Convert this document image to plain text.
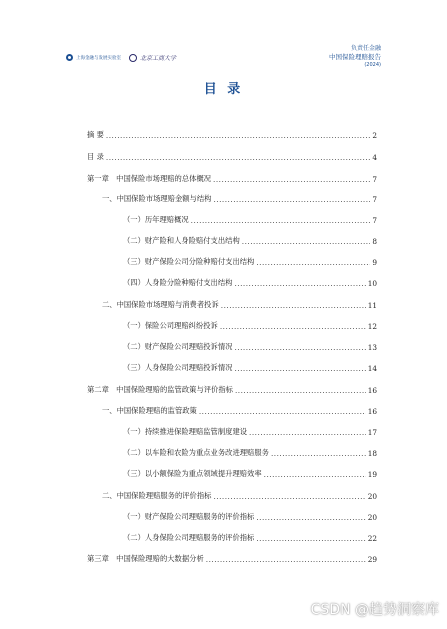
上海金融与发展实验室	北京工商大学
负责任金融
中国保险理赔报告
(2024)
目 录
摘 要 .....	2
目 录 .....	4
第一章　中国保险市场理赔的总体概况 .....	7
一、中国保险市场理赔金额与结构 .....	7
（一）历年理赔概况 .....	7
（二）财产险和人身险赔付支出结构 .....	8
（三）财产保险公司分险种赔付支出结构 .....	9
（四）人身险分险种赔付支出结构 .....	10
二、中国保险市场理赔与消费者投诉 .....	11
（一）保险公司理赔纠纷投诉 .....	12
（二）财产保险公司理赔投诉情况 .....	13
（三）人身保险公司理赔投诉情况 .....	14
第二章　中国保险理赔的监管政策与评价指标 .....	16
一、中国保险理赔的监管政策 .....	16
（一）持续推进保险理赔监管制度建设 .....	17
（二）以车险和农险为重点业务改进理赔服务 .....	18
（三）以小额保险为重点领域提升理赔效率 .....	19
二、中国保险理赔服务的评价指标 .....	20
（一）财产保险公司理赔服务的评价指标 .....	20
（二）人身保险公司理赔服务的评价指标 .....	22
第三章　中国保险理赔的大数据分析 .....	29
CSDN @趋势洞察库
